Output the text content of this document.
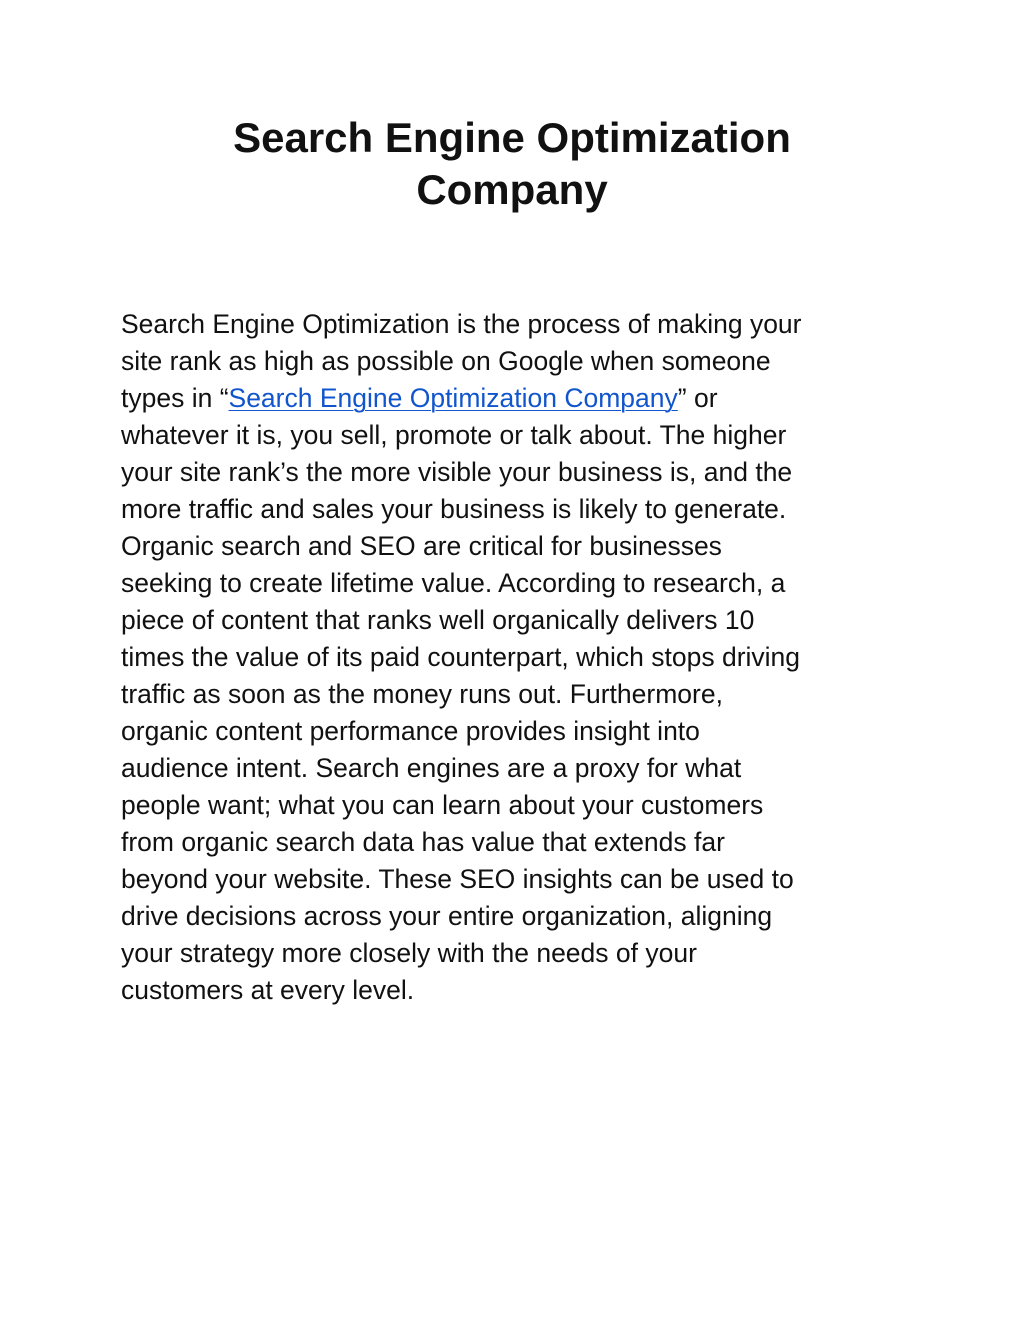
Search Engine Optimization
Company

Search Engine Optimization is the process of making your
site rank as high as possible on Google when someone
types in “Search Engine Optimization Company” or
whatever it is, you sell, promote or talk about. The higher
your site rank’s the more visible your business is, and the
more traffic and sales your business is likely to generate.
Organic search and SEO are critical for businesses
seeking to create lifetime value. According to research, a
piece of content that ranks well organically delivers 10
times the value of its paid counterpart, which stops driving
traffic as soon as the money runs out. Furthermore,
organic content performance provides insight into
audience intent. Search engines are a proxy for what
people want; what you can learn about your customers
from organic search data has value that extends far
beyond your website. These SEO insights can be used to
drive decisions across your entire organization, aligning
your strategy more closely with the needs of your
customers at every level.
